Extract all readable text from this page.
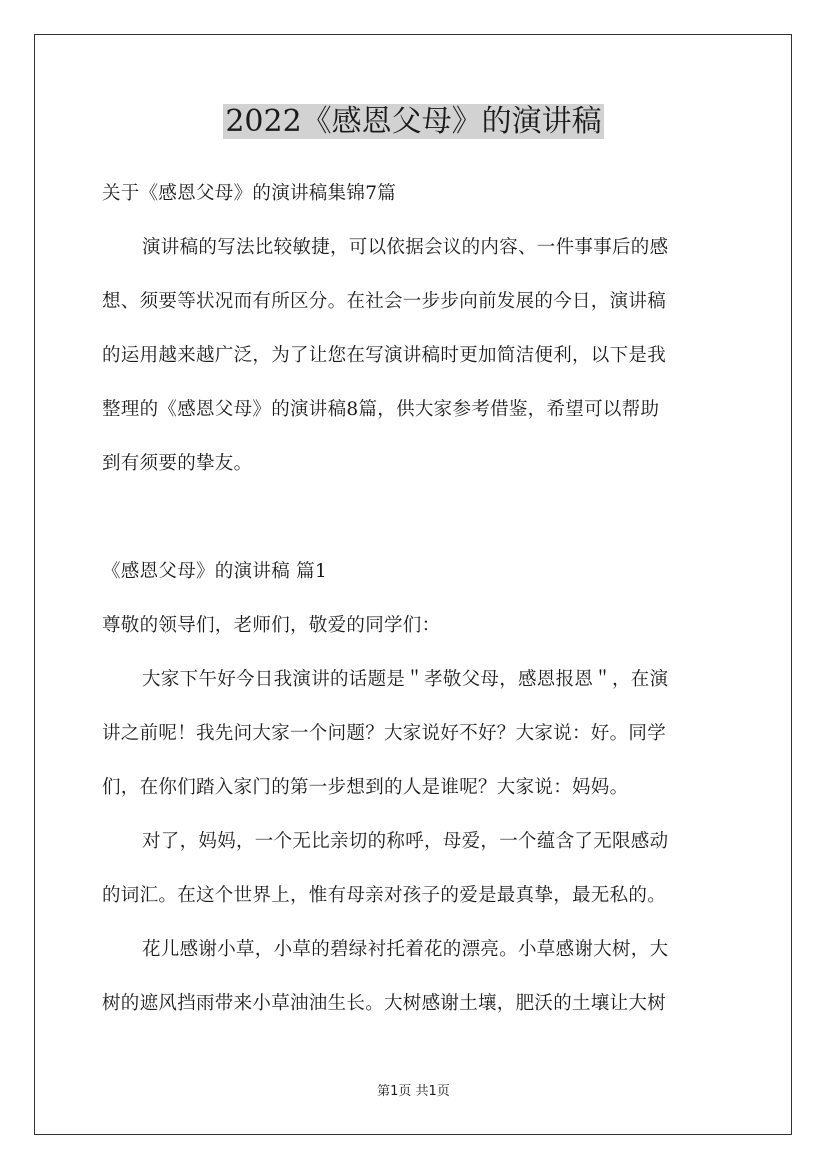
2022《感恩父母》的演讲稿
关于《感恩父母》的演讲稿集锦7篇
演讲稿的写法比较敏捷，可以依据会议的内容、一件事事后的感
想、须要等状况而有所区分。在社会一步步向前发展的今日，演讲稿
的运用越来越广泛，为了让您在写演讲稿时更加简洁便利，以下是我
整理的《感恩父母》的演讲稿8篇，供大家参考借鉴，希望可以帮助
到有须要的挚友。
《感恩父母》的演讲稿 篇1
尊敬的领导们，老师们，敬爱的同学们：
大家下午好今日我演讲的话题是＂孝敬父母，感恩报恩＂，在演
讲之前呢！我先问大家一个问题？大家说好不好？大家说：好。同学
们，在你们踏入家门的第一步想到的人是谁呢？大家说：妈妈。
对了，妈妈，一个无比亲切的称呼，母爱，一个蕴含了无限感动
的词汇。在这个世界上，惟有母亲对孩子的爱是最真挚，最无私的。
花儿感谢小草，小草的碧绿衬托着花的漂亮。小草感谢大树，大
树的遮风挡雨带来小草油油生长。大树感谢土壤，肥沃的土壤让大树
第1页 共1页
